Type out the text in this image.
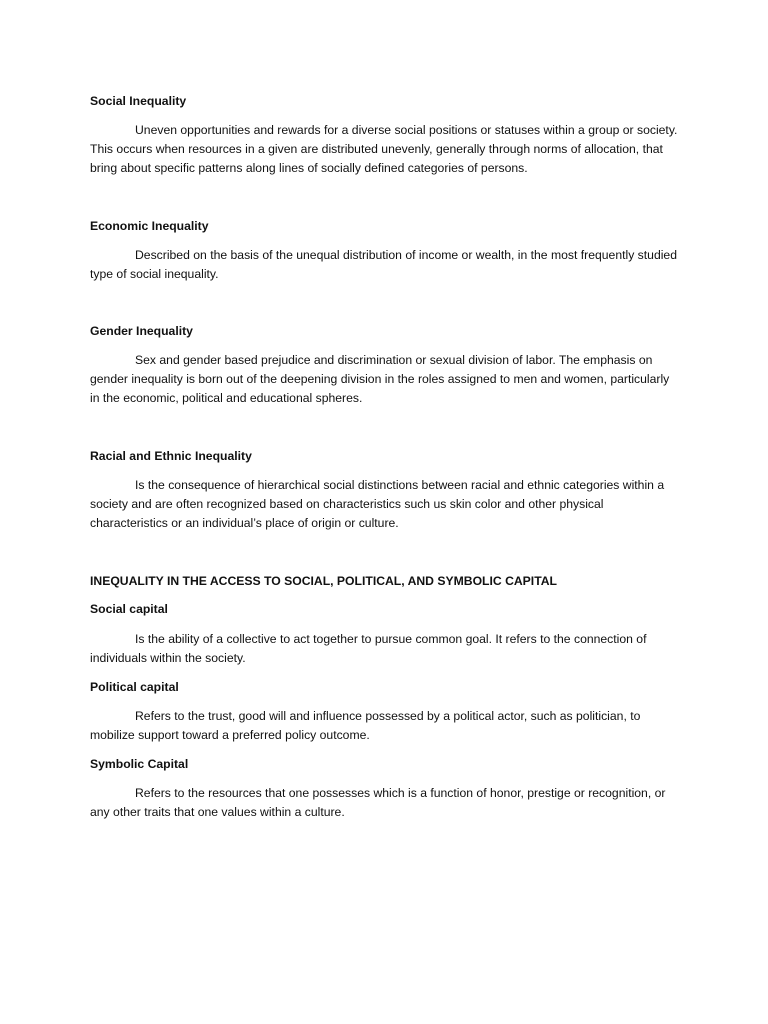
Social Inequality
Uneven opportunities and rewards for a diverse social positions or statuses within a group or society. This occurs when resources in a given are distributed unevenly, generally through norms of allocation, that bring about specific patterns along lines of socially defined categories of persons.
Economic Inequality
Described on the basis of the unequal distribution of income or wealth, in the most frequently studied type of social inequality.
Gender Inequality
Sex and gender based prejudice and discrimination or sexual division of labor. The emphasis on gender inequality is born out of the deepening division in the roles assigned to men and women, particularly in the economic, political and educational spheres.
Racial and Ethnic Inequality
Is the consequence of hierarchical social distinctions between racial and ethnic categories within a society and are often recognized based on characteristics such us skin color and other physical characteristics or an individual’s place of origin or culture.
INEQUALITY IN THE ACCESS TO SOCIAL, POLITICAL, AND SYMBOLIC CAPITAL
Social capital
Is the ability of a collective to act together to pursue common goal. It refers to the connection of individuals within the society.
Political capital
Refers to the trust, good will and influence possessed by a political actor, such as politician, to mobilize support toward a preferred policy outcome.
Symbolic Capital
Refers to the resources that one possesses which is a function of honor, prestige or recognition, or any other traits that one values within a culture.
